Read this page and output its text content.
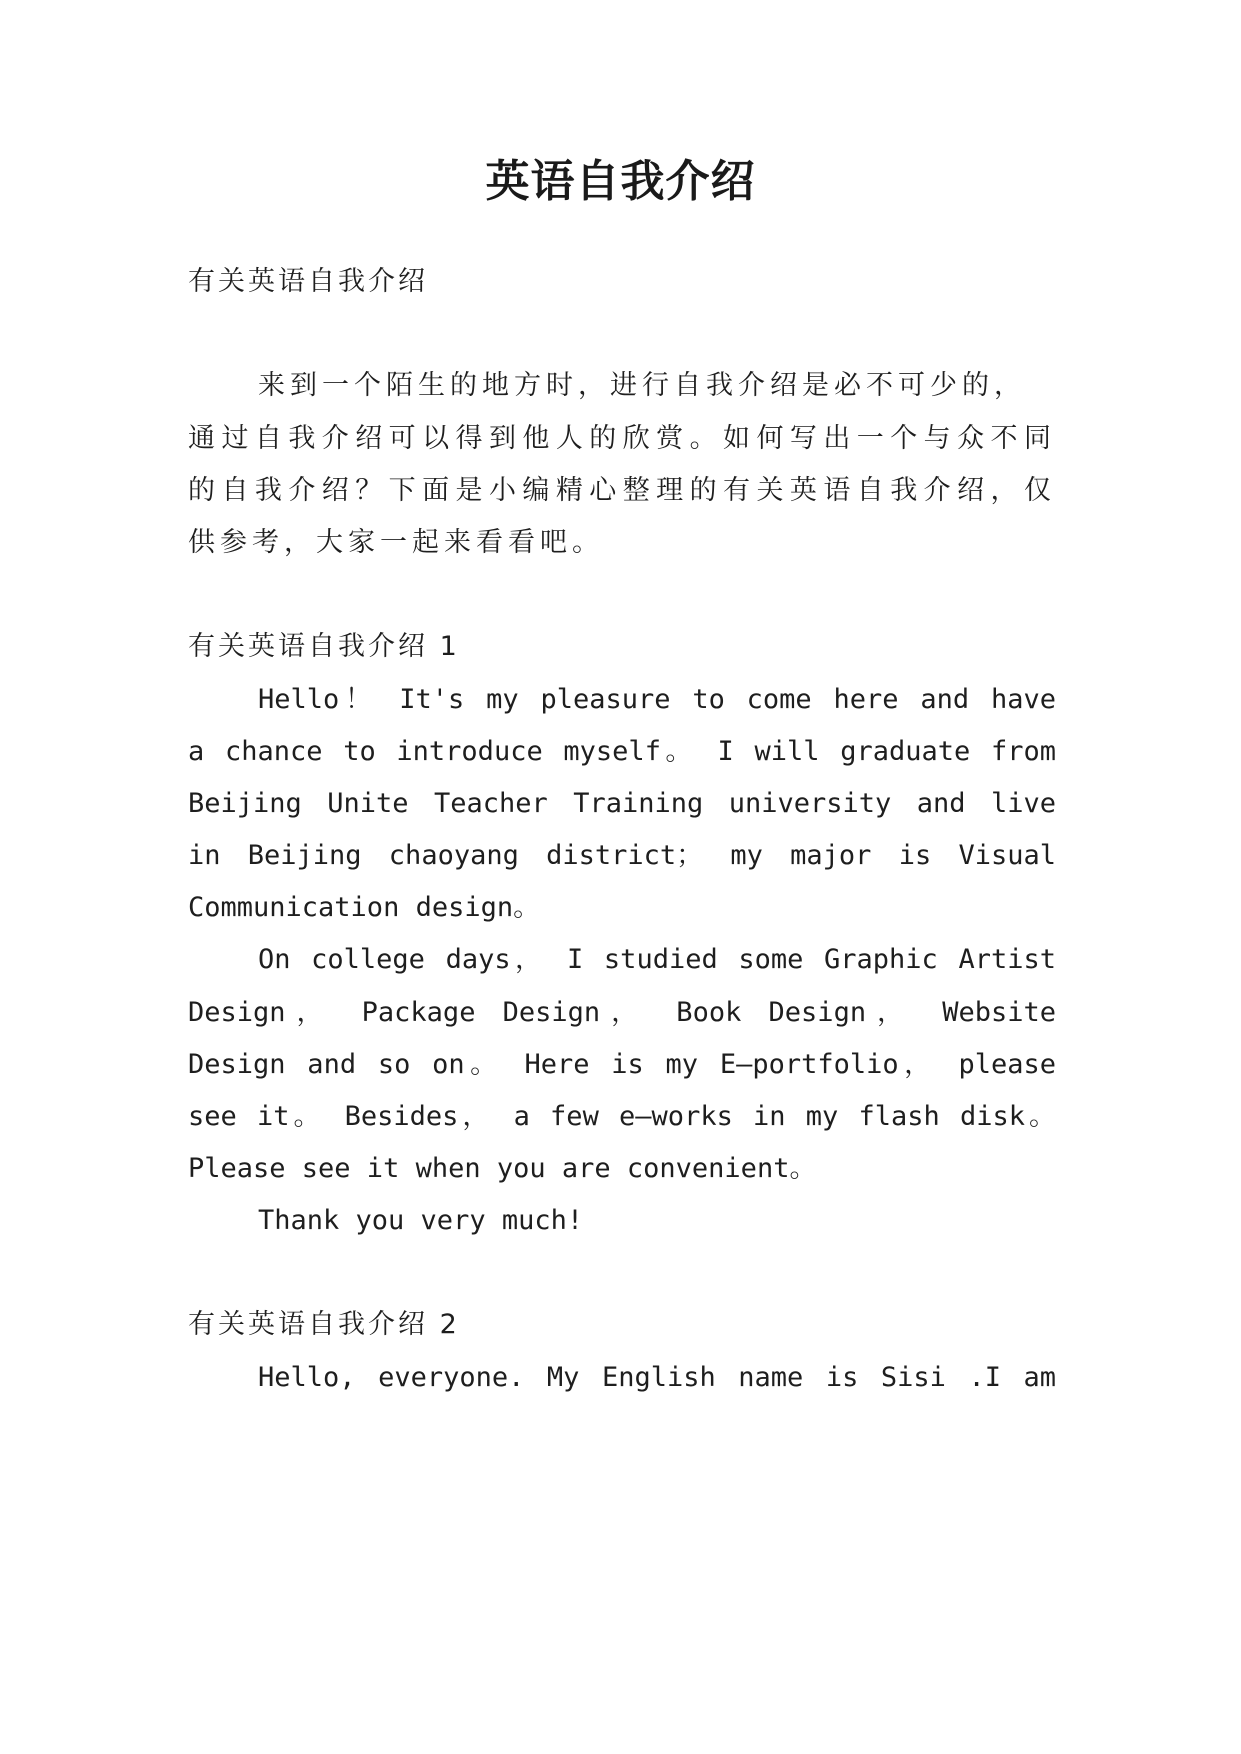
英语自我介绍
有关英语自我介绍
来到一个陌生的地方时，进行自我介绍是必不可少的，
通过自我介绍可以得到他人的欣赏。如何写出一个与众不同
的自我介绍？下面是小编精心整理的有关英语自我介绍，仅
供参考，大家一起来看看吧。
有关英语自我介绍 1
Hello！ It's my pleasure to come here and have
a chance to introduce myself。 I will graduate from
Beijing Unite Teacher Training university and live
in Beijing chaoyang district； my major is Visual
Communication design。
On college days， I studied some Graphic Artist
Design， Package Design， Book Design， Website
Design and so on。 Here is my E—portfolio， please
see it。 Besides， a few e—works in my flash disk。
Please see it when you are convenient。
Thank you very much!
有关英语自我介绍 2
Hello, everyone. My English name is Sisi .I am
